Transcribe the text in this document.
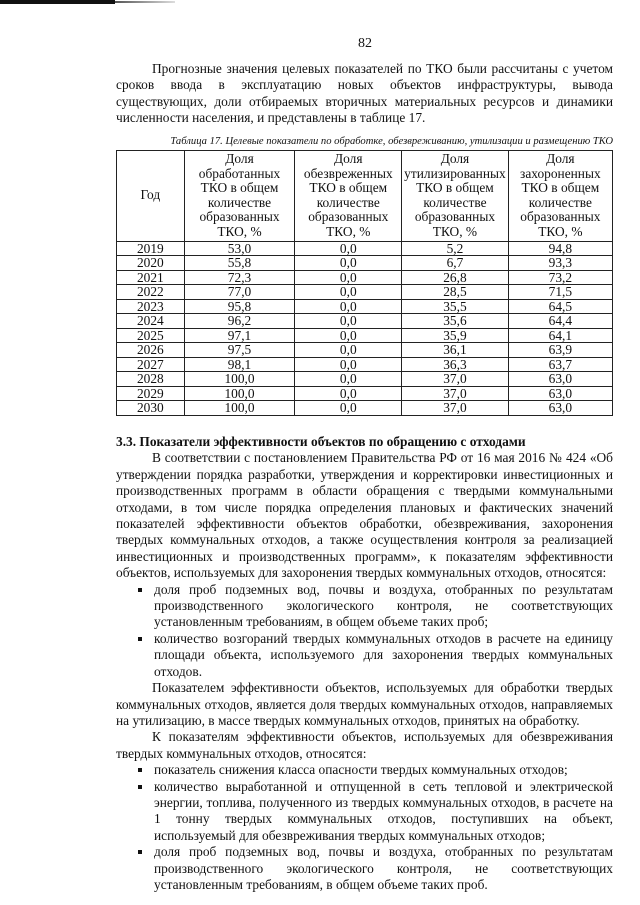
82

Прогнозные значения целевых показателей по ТКО были рассчитаны с учетом сроков ввода в эксплуатацию новых объектов инфраструктуры, вывода существующих, доли отбираемых вторичных материальных ресурсов и динамики численности населения, и представлены в таблице 17.

Таблица 17. Целевые показатели по обработке, обезвреживанию, утилизации и размещению ТКО
Год	Доля обработанных ТКО в общем количестве образованных ТКО, %	Доля обезвреженных ТКО в общем количестве образованных ТКО, %	Доля утилизированных ТКО в общем количестве образованных ТКО, %	Доля захороненных ТКО в общем количестве образованных ТКО, %
2019	53,0	0,0	5,2	94,8
2020	55,8	0,0	6,7	93,3
2021	72,3	0,0	26,8	73,2
2022	77,0	0,0	28,5	71,5
2023	95,8	0,0	35,5	64,5
2024	96,2	0,0	35,6	64,4
2025	97,1	0,0	35,9	64,1
2026	97,5	0,0	36,1	63,9
2027	98,1	0,0	36,3	63,7
2028	100,0	0,0	37,0	63,0
2029	100,0	0,0	37,0	63,0
2030	100,0	0,0	37,0	63,0
3.3. Показатели эффективности объектов по обращению с отходами

В соответствии с постановлением Правительства РФ от 16 мая 2016 № 424 «Об утверждении порядка разработки, утверждения и корректировки инвестиционных и производственных программ в области обращения с твердыми коммунальными отходами, в том числе порядка определения плановых и фактических значений показателей эффективности объектов обработки, обезвреживания, захоронения твердых коммунальных отходов, а также осуществления контроля за реализацией инвестиционных и производственных программ», к показателям эффективности объектов, используемых для захоронения твердых коммунальных отходов, относятся:

доля проб подземных вод, почвы и воздуха, отобранных по результатам производственного экологического контроля, не соответствующих установленным требованиям, в общем объеме таких проб;
количество возгораний твердых коммунальных отходов в расчете на единицу площади объекта, используемого для захоронения твердых коммунальных отходов.

Показателем эффективности объектов, используемых для обработки твердых коммунальных отходов, является доля твердых коммунальных отходов, направляемых на утилизацию, в массе твердых коммунальных отходов, принятых на обработку.

К показателям эффективности объектов, используемых для обезвреживания твердых коммунальных отходов, относятся:

показатель снижения класса опасности твердых коммунальных отходов;
количество выработанной и отпущенной в сеть тепловой и электрической энергии, топлива, полученного из твердых коммунальных отходов, в расчете на 1 тонну твердых коммунальных отходов, поступивших на объект, используемый для обезвреживания твердых коммунальных отходов;
доля проб подземных вод, почвы и воздуха, отобранных по результатам производственного экологического контроля, не соответствующих установленным требованиям, в общем объеме таких проб.
